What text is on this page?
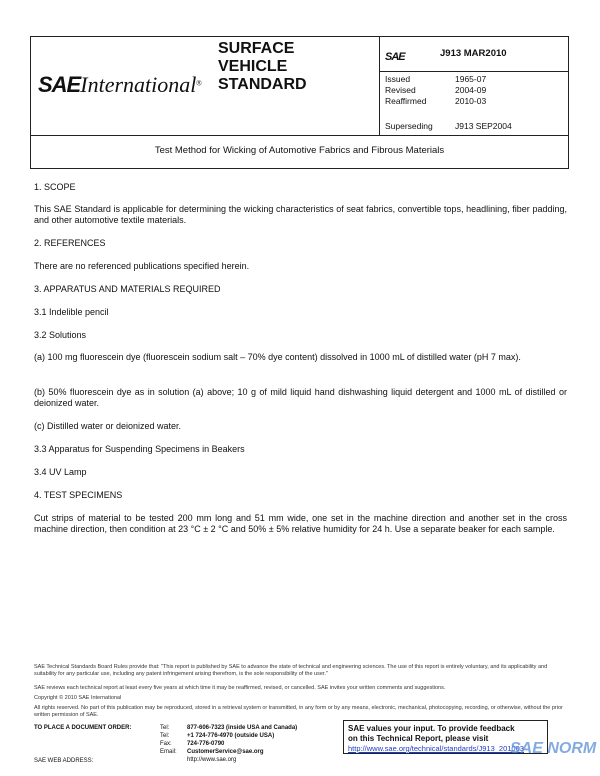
SAEInternational®
SURFACE
VEHICLE
STANDARD
SAE	J913 MAR2010
Issued	1965-07
Revised	2004-09
Reaffirmed	2010-03
Superseding	J913 SEP2004
Test Method for Wicking of Automotive Fabrics and Fibrous Materials
1. SCOPE
This SAE Standard is applicable for determining the wicking characteristics of seat fabrics, convertible tops, headlining, fiber padding, and other automotive textile materials.
2. REFERENCES
There are no referenced publications specified herein.
3. APPARATUS AND MATERIALS REQUIRED
3.1 Indelible pencil
3.2 Solutions
(a) 100 mg fluorescein dye (fluorescein sodium salt – 70% dye content) dissolved in 1000 mL of distilled water (pH 7 max).
(b) 50% fluorescein dye as in solution (a) above; 10 g of mild liquid hand dishwashing liquid detergent and 1000 mL of distilled or deionized water.
(c) Distilled water or deionized water.
3.3 Apparatus for Suspending Specimens in Beakers
3.4 UV Lamp
4. TEST SPECIMENS
Cut strips of material to be tested 200 mm long and 51 mm wide, one set in the machine direction and another set in the cross machine direction, then condition at 23 °C ± 2 °C and 50% ± 5% relative humidity for 24 h. Use a separate beaker for each sample.
SAE Technical Standards Board Rules provide that: "This report is published by SAE to advance the state of technical and engineering sciences. The use of this report is entirely voluntary, and its applicability and suitability for any particular use, including any patent infringement arising therefrom, is the sole responsibility of the user."
SAE reviews each technical report at least every five years at which time it may be reaffirmed, revised, or cancelled. SAE invites your written comments and suggestions.
Copyright © 2010 SAE International
All rights reserved. No part of this publication may be reproduced, stored in a retrieval system or transmitted, in any form or by any means, electronic, mechanical, photocopying, recording, or otherwise, without the prior written permission of SAE.
TO PLACE A DOCUMENT ORDER:	Tel:	877-606-7323 (inside USA and Canada)
Tel:	+1 724-776-4970 (outside USA)
Fax:	724-776-0790
Email: CustomerService@sae.org
http://www.sae.org
SAE WEB ADDRESS:
SAE values your input. To provide feedback
on this Technical Report, please visit
http://www.sae.org/technical/standards/J913_201003
SAE NORM
